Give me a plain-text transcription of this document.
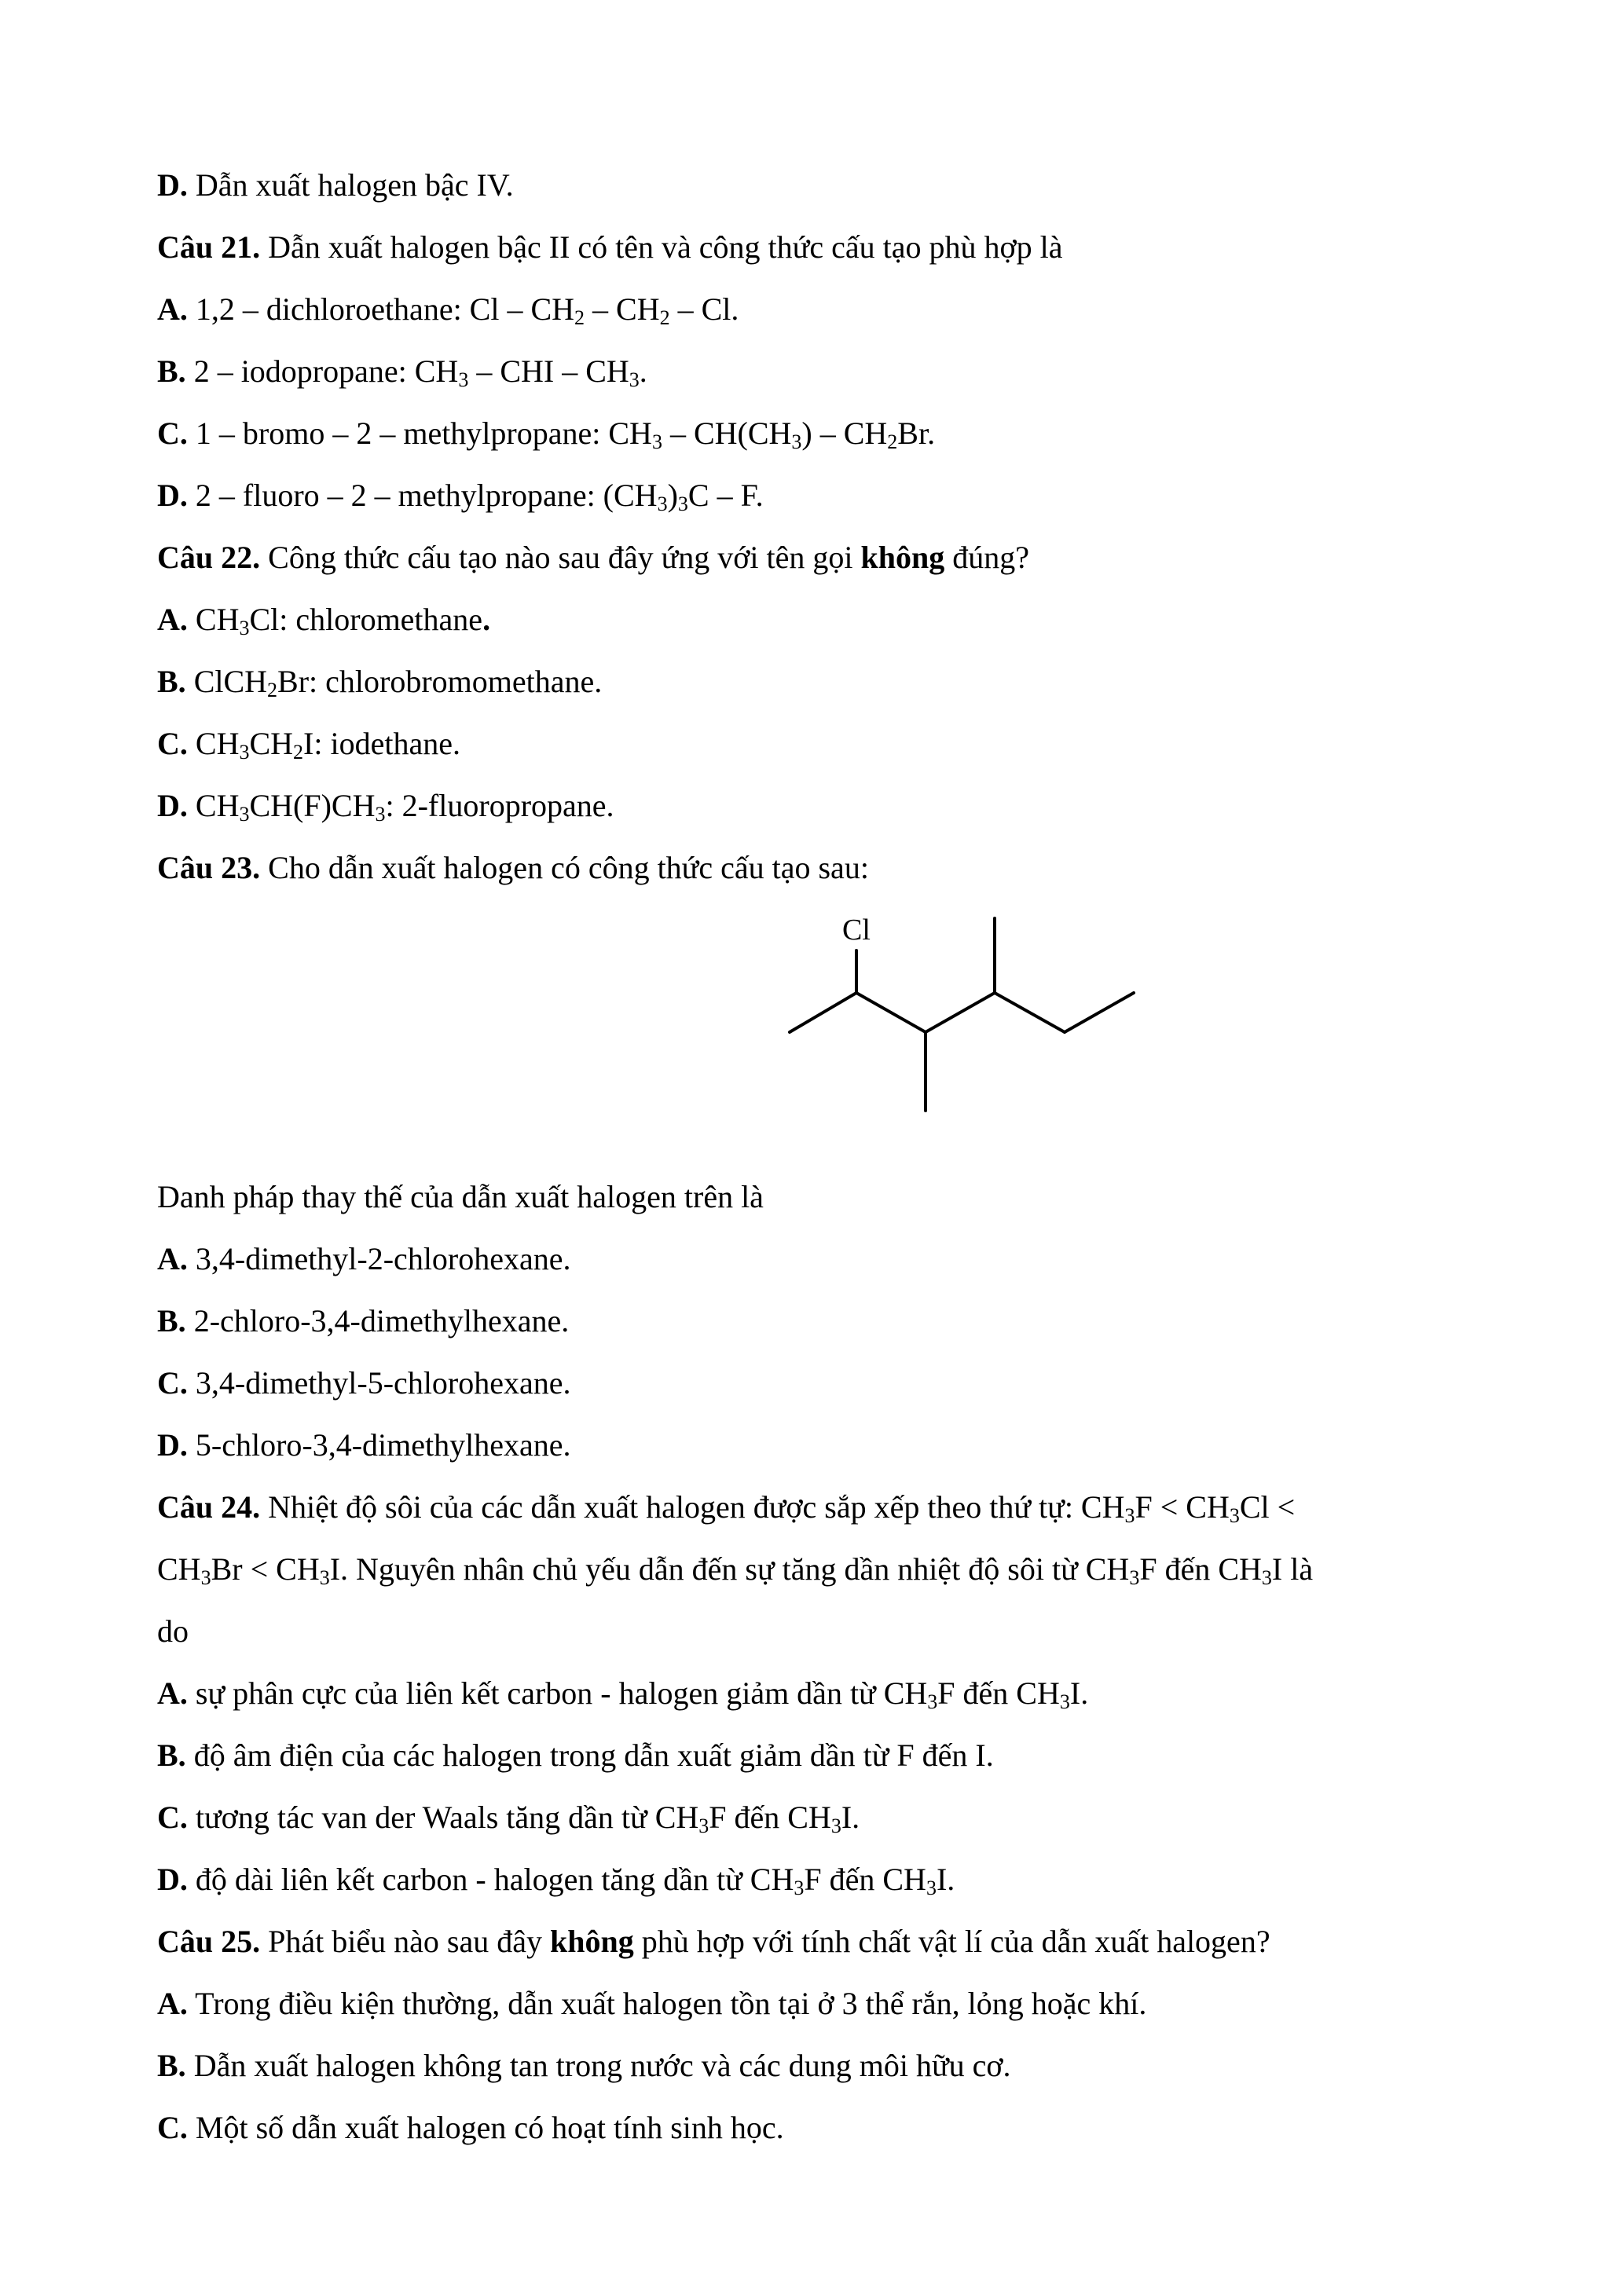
D. Dẫn xuất halogen bậc IV.
Câu 21. Dẫn xuất halogen bậc II có tên và công thức cấu tạo phù hợp là
A. 1,2 – dichloroethane: Cl – $CH_2 - CH_2$ – Cl.
B. 2 – iodopropane: $CH_3$ – CHI – $CH_3$.
C. 1 – bromo – 2 – methylpropane: $CH_3 - CH(CH_3) - CH_2Br$.
D. 2 – fluoro – 2 – methylpropane: $(CH_3)_3C$ – F.
Câu 22. Công thức cấu tạo nào sau đây ứng với tên gọi không đúng?
A. $CH_3Cl$: chloromethane.
B. ClCH$_2$Br: chlorobromomethane.
C. $CH_3CH_2I$: iodethane.
D. $CH_3CH(F)CH_3$: 2-fluoropropane.
Câu 23. Cho dẫn xuất halogen có công thức cấu tạo sau:
Cl
Danh pháp thay thế của dẫn xuất halogen trên là
A. 3,4-dimethyl-2-chlorohexane.
B. 2-chloro-3,4-dimethylhexane.
C. 3,4-dimethyl-5-chlorohexane.
D. 5-chloro-3,4-dimethylhexane.
Câu 24. Nhiệt độ sôi của các dẫn xuất halogen được sắp xếp theo thứ tự: $CH_3F < CH_3Cl$ <
$CH_3Br < CH_3I$. Nguyên nhân chủ yếu dẫn đến sự tăng dần nhiệt độ sôi từ $CH_3F$ đến $CH_3I$ là
do
A. sự phân cực của liên kết carbon - halogen giảm dần từ $CH_3F$ đến $CH_3I$.
B. độ âm điện của các halogen trong dẫn xuất giảm dần từ F đến I.
C. tương tác van der Waals tăng dần từ $CH_3F$ đến $CH_3I$.
D. độ dài liên kết carbon - halogen tăng dần từ $CH_3F$ đến $CH_3I$.
Câu 25. Phát biểu nào sau đây không phù hợp với tính chất vật lí của dẫn xuất halogen?
A. Trong điều kiện thường, dẫn xuất halogen tồn tại ở 3 thể rắn, lỏng hoặc khí.
B. Dẫn xuất halogen không tan trong nước và các dung môi hữu cơ.
C. Một số dẫn xuất halogen có hoạt tính sinh học.
